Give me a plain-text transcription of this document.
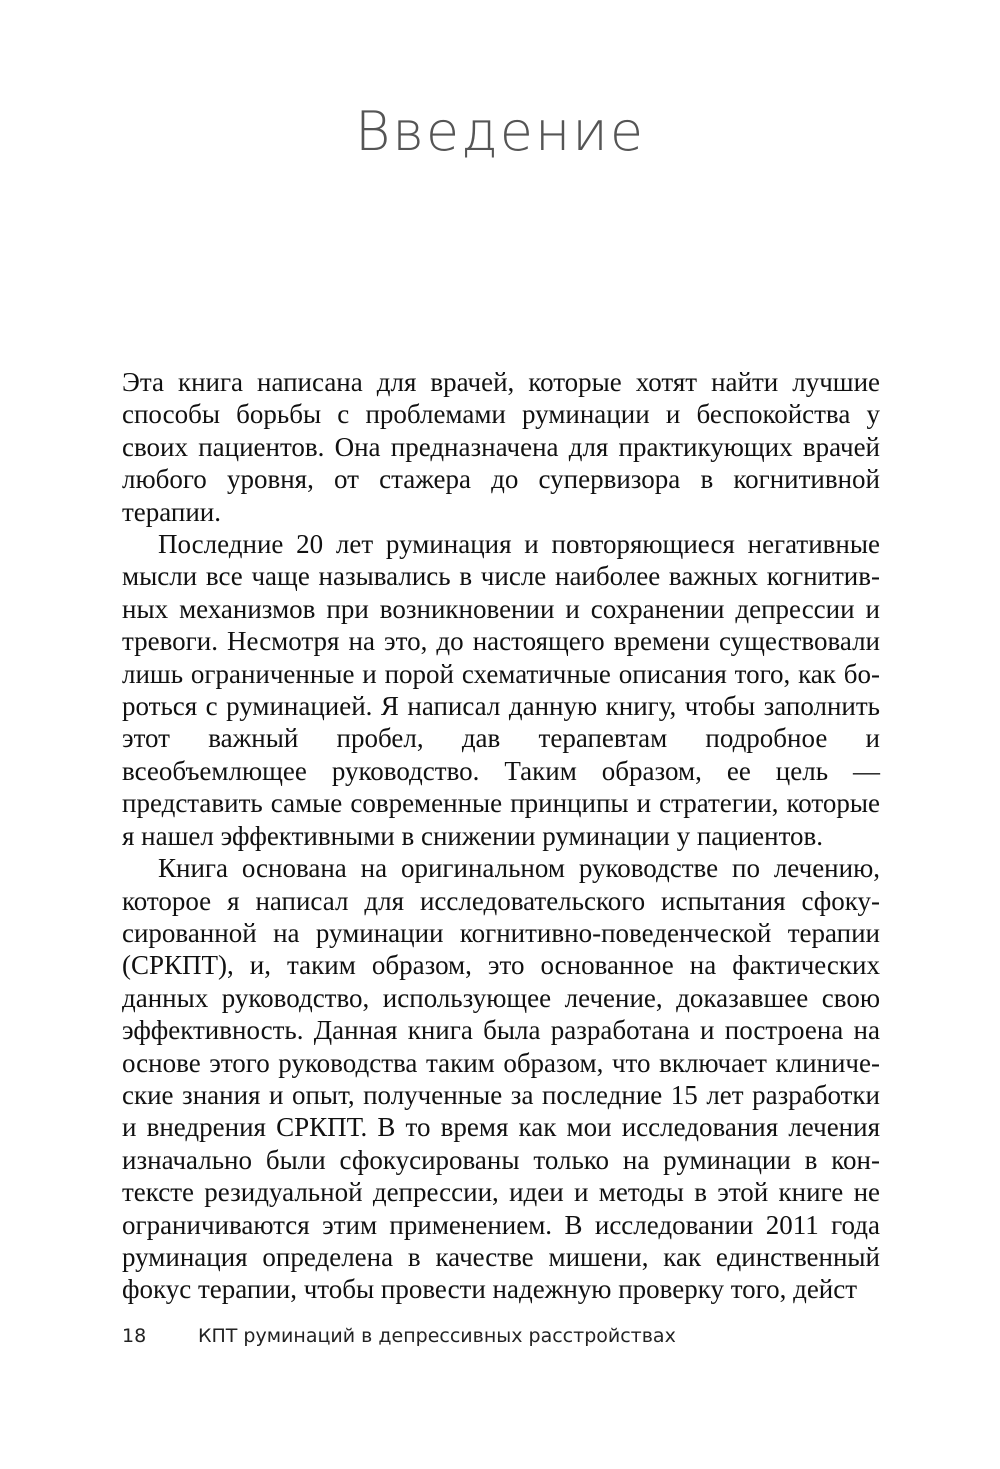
Введение

Эта книга написана для врачей, которые хотят найти лучшие способы борьбы с проблемами руминации и беспокойства у своих пациентов. Она предназначена для практикующих врачей любого уровня, от стажера до супервизора в когнитивной терапии.

Последние 20 лет руминация и повторяющиеся негативные мысли все чаще назывались в числе наиболее важных когнитивных механизмов при возникновении и сохранении депрессии и тревоги. Несмотря на это, до настоящего времени существовали лишь ограниченные и порой схематичные описания того, как бороться с руминацией. Я написал данную книгу, чтобы заполнить этот важный пробел, дав терапевтам подробное и всеобъемлющее руководство. Таким образом, ее цель — представить самые современные принципы и стратегии, которые я нашел эффективными в снижении руминации у пациентов.

Книга основана на оригинальном руководстве по лечению, которое я написал для исследовательского испытания сфокусированной на руминации когнитивно-поведенческой терапии (СРКПТ), и, таким образом, это основанное на фактических данных руководство, использующее лечение, доказавшее свою эффективность. Данная книга была разработана и построена на основе этого руководства таким образом, что включает клинические знания и опыт, полученные за последние 15 лет разработки и внедрения СРКПТ. В то время как мои исследования лечения изначально были сфокусированы только на руминации в контексте резидуальной депрессии, идеи и методы в этой книге не ограничиваются этим применением. В исследовании 2011 года руминация определена в качестве мишени, как единственный фокус терапии, чтобы провести надежную проверку того, дейст

18	КПТ руминаций в депрессивных расстройствах
